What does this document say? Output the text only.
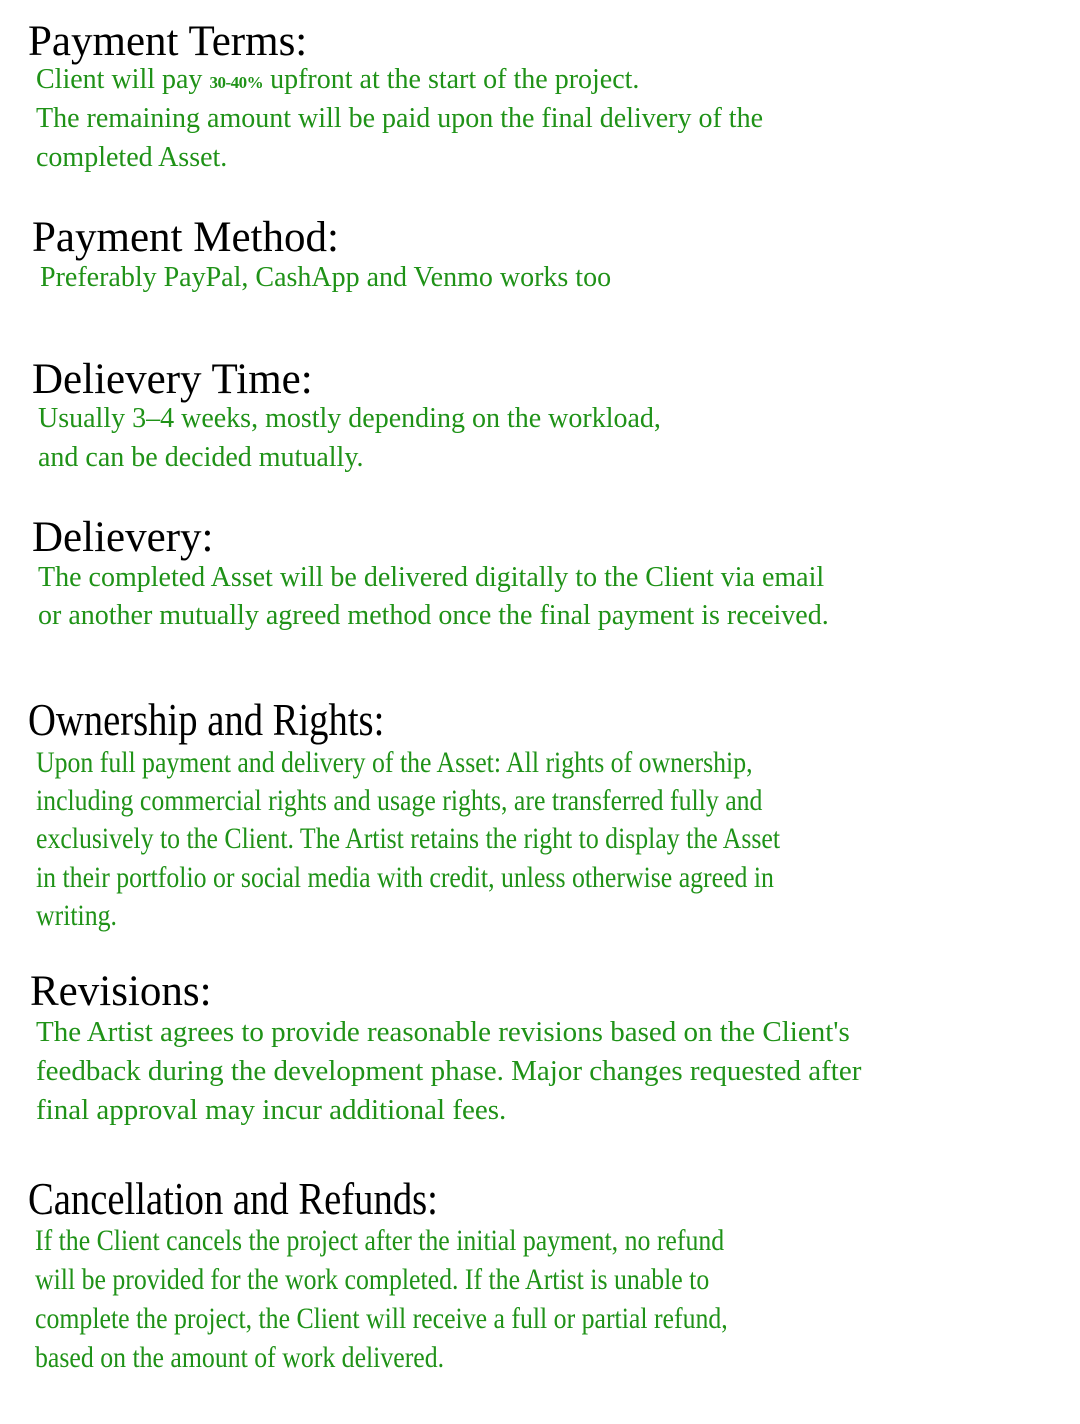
Payment Terms:
Client will pay 30-40% upfront at the start of the project.
The remaining amount will be paid upon the final delivery of the
completed Asset.
Payment Method:
Preferably PayPal, CashApp and Venmo works too
Delievery Time:
Usually 3–4 weeks, mostly depending on the workload,
and can be decided mutually.
Delievery:
The completed Asset will be delivered digitally to the Client via email
or another mutually agreed method once the final payment is received.
Ownership and Rights:
Upon full payment and delivery of the Asset: All rights of ownership,
including commercial rights and usage rights, are transferred fully and
exclusively to the Client. The Artist retains the right to display the Asset
in their portfolio or social media with credit, unless otherwise agreed in
writing.
Revisions:
The Artist agrees to provide reasonable revisions based on the Client's
feedback during the development phase. Major changes requested after
final approval may incur additional fees.
Cancellation and Refunds:
If the Client cancels the project after the initial payment, no refund
will be provided for the work completed. If the Artist is unable to
complete the project, the Client will receive a full or partial refund,
based on the amount of work delivered.
